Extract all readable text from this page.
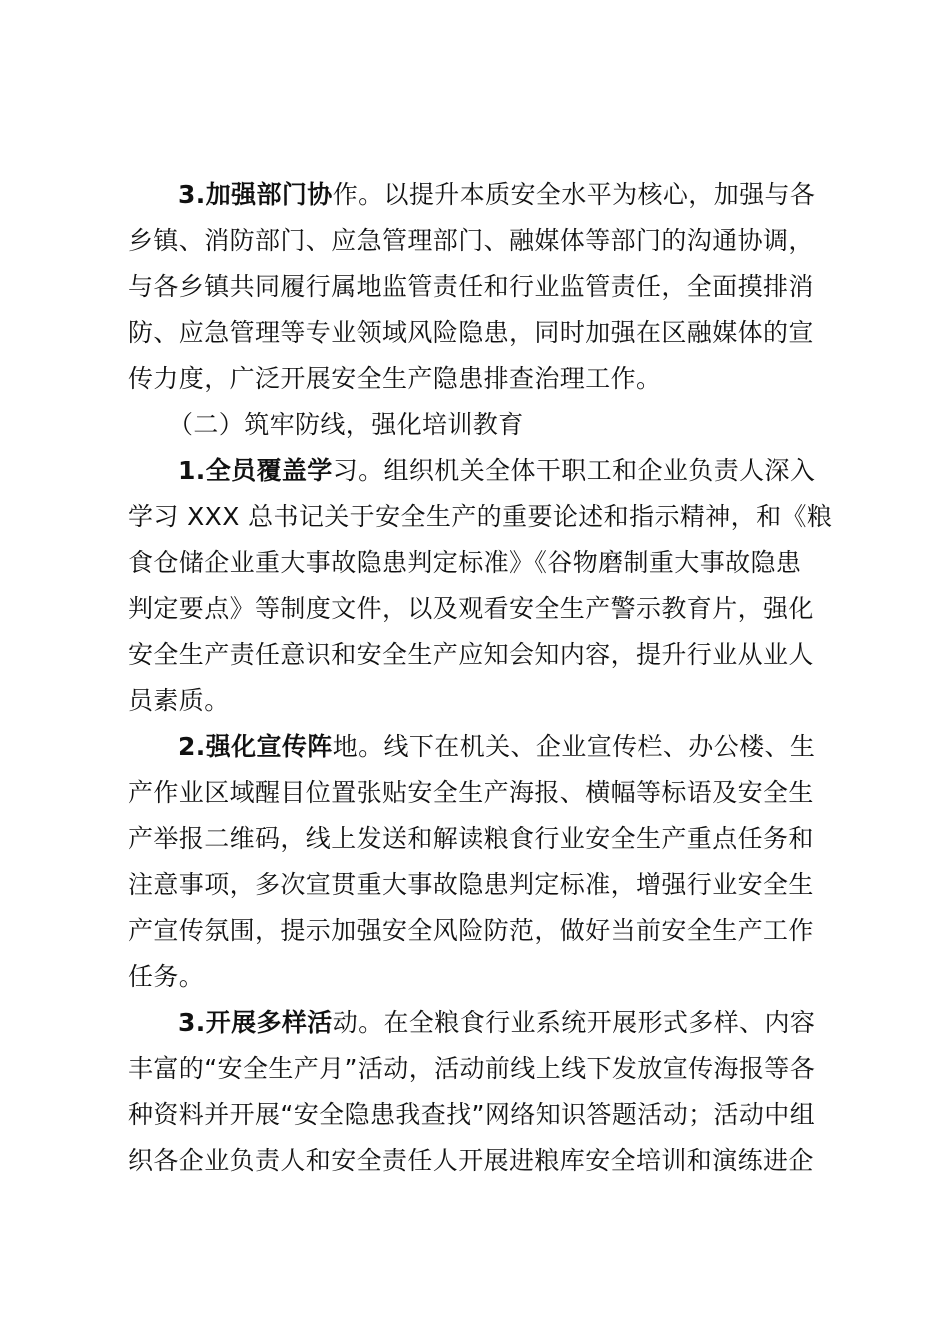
3.加强部门协作。以提升本质安全水平为核心，加强与各
乡镇、消防部门、应急管理部门、融媒体等部门的沟通协调，
与各乡镇共同履行属地监管责任和行业监管责任，全面摸排消
防、应急管理等专业领域风险隐患，同时加强在区融媒体的宣
传力度，广泛开展安全生产隐患排查治理工作。

（二）筑牢防线，强化培训教育

1.全员覆盖学习。组织机关全体干职工和企业负责人深入
学习 XXX 总书记关于安全生产的重要论述和指示精神，和《粮
食仓储企业重大事故隐患判定标准》《谷物磨制重大事故隐患
判定要点》等制度文件，以及观看安全生产警示教育片，强化
安全生产责任意识和安全生产应知会知内容，提升行业从业人
员素质。

2.强化宣传阵地。线下在机关、企业宣传栏、办公楼、生
产作业区域醒目位置张贴安全生产海报、横幅等标语及安全生
产举报二维码，线上发送和解读粮食行业安全生产重点任务和
注意事项，多次宣贯重大事故隐患判定标准，增强行业安全生
产宣传氛围，提示加强安全风险防范，做好当前安全生产工作
任务。

3.开展多样活动。在全粮食行业系统开展形式多样、内容
丰富的“安全生产月”活动，活动前线上线下发放宣传海报等各
种资料并开展“安全隐患我查找”网络知识答题活动；活动中组
织各企业负责人和安全责任人开展进粮库安全培训和演练进企
